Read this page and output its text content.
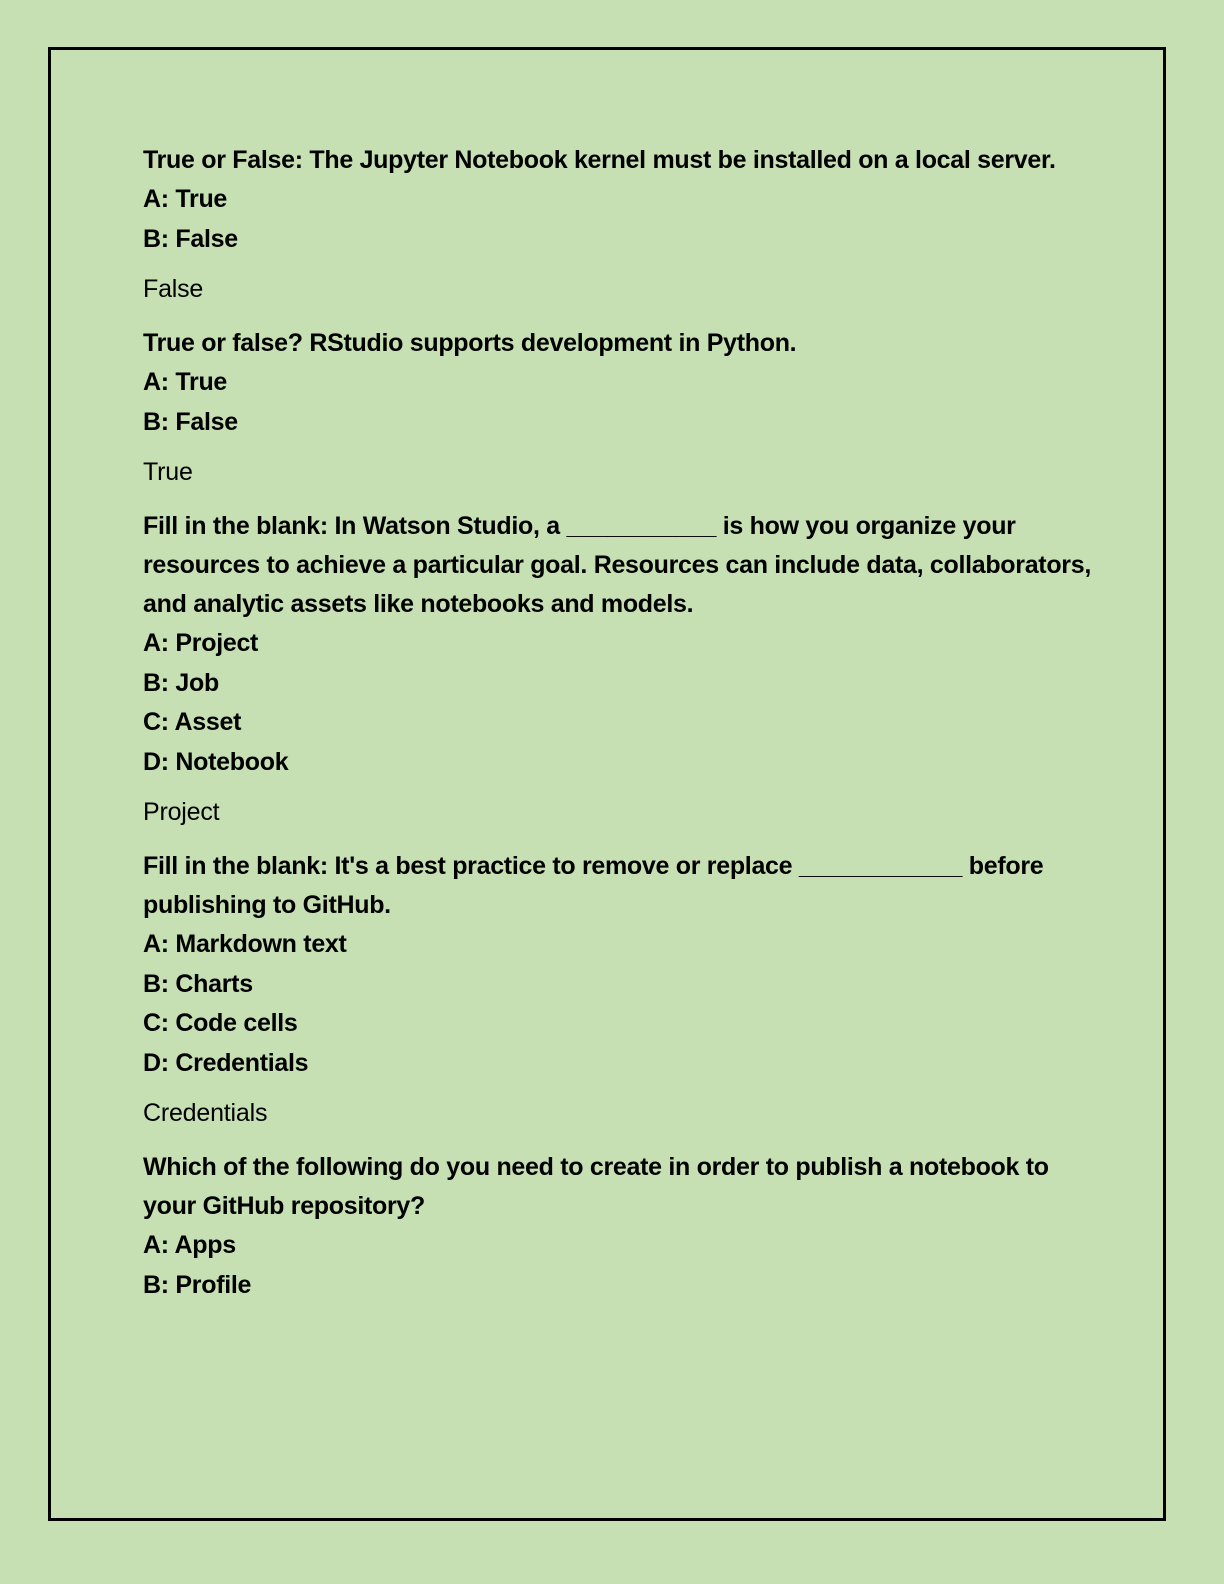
True or False: The Jupyter Notebook kernel must be installed on a local server.
A: True
B: False
False
True or false? RStudio supports development in Python.
A: True
B: False
True
Fill in the blank: In Watson Studio, a ___________ is how you organize your resources to achieve a particular goal. Resources can include data, collaborators, and analytic assets like notebooks and models.
A: Project
B: Job
C: Asset
D: Notebook
Project
Fill in the blank: It's a best practice to remove or replace ____________ before publishing to GitHub.
A: Markdown text
B: Charts
C: Code cells
D: Credentials
Credentials
Which of the following do you need to create in order to publish a notebook to your GitHub repository?
A: Apps
B: Profile
